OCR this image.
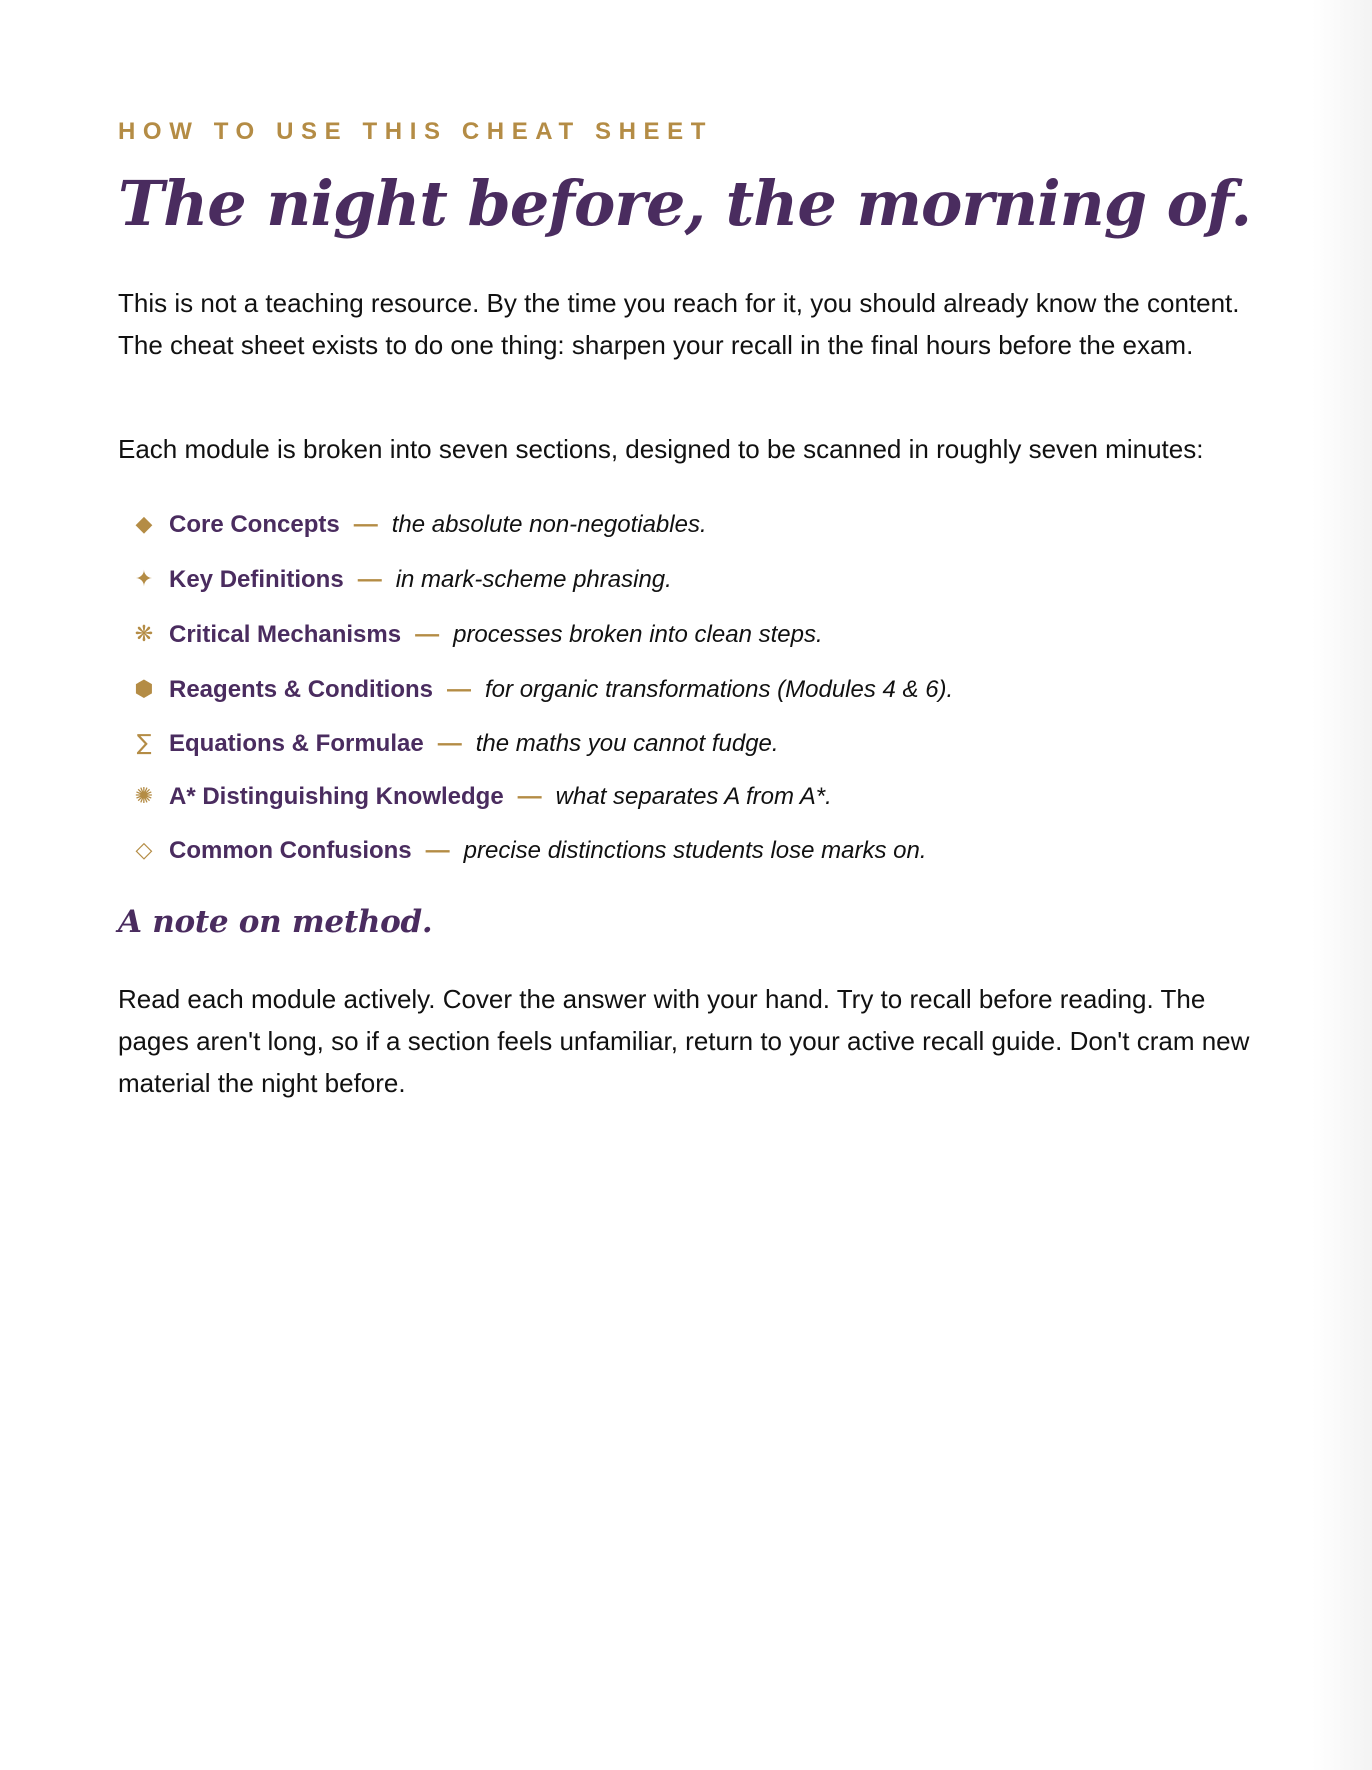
HOW TO USE THIS CHEAT SHEET

The night before, the morning of.

This is not a teaching resource. By the time you reach for it, you should already know the content. The cheat sheet exists to do one thing: sharpen your recall in the final hours before the exam.

Each module is broken into seven sections, designed to be scanned in roughly seven minutes:

◆ Core Concepts — the absolute non-negotiables.
✦ Key Definitions — in mark-scheme phrasing.
❋ Critical Mechanisms — processes broken into clean steps.
⬢ Reagents & Conditions — for organic transformations (Modules 4 & 6).
∑ Equations & Formulae — the maths you cannot fudge.
✺ A* Distinguishing Knowledge — what separates A from A*.
◇ Common Confusions — precise distinctions students lose marks on.
A note on method.

Read each module actively. Cover the answer with your hand. Try to recall before reading. The pages aren't long, so if a section feels unfamiliar, return to your active recall guide. Don't cram new material the night before.
